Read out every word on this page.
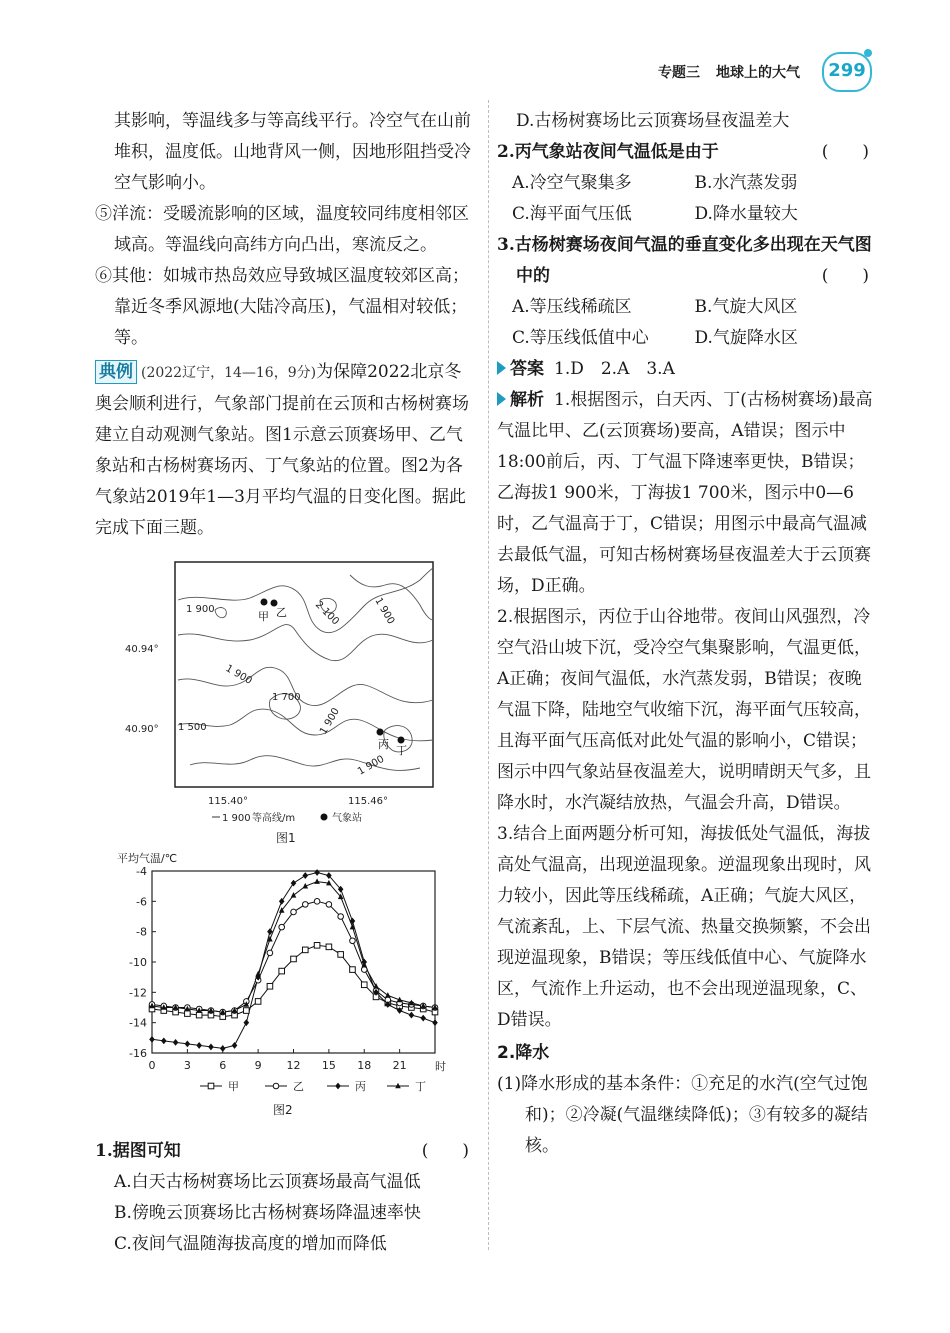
专题三 地球上的大气	299

其影响，等温线多与等高线平行。冷空气在山前堆积，温度低。山地背风一侧，因地形阻挡受冷空气影响小。

⑤洋流：受暖流影响的区域，温度较同纬度相邻区域高。等温线向高纬方向凸出，寒流反之。

⑥其他：如城市热岛效应导致城区温度较郊区高；靠近冬季风源地(大陆冷高压)，气温相对较低；等。

典例 (2022辽宁，14—16，9分)为保障2022北京冬奥会顺利进行，气象部门提前在云顶和古杨树赛场建立自动观测气象站。图1示意云顶赛场甲、乙气象站和古杨树赛场丙、丁气象站的位置。图2为各气象站2019年1—3月平均气温的日变化图。据此完成下面三题。

1 900	2 100	1 900
1 900
1 700
1 500	1 900
1 900
40.94°
40.90°
115.40°	115.46°
甲 乙
丙 丁
1 900 等高线/m	气象站
图1
平均气温/℃
-4
-6
-8
-10
-12
-14
-16
0	3	6	9 12 15 18 21	时
甲	乙	丙	丁
图2

1.据图可知	(　　)

A.白天古杨树赛场比云顶赛场最高气温低

B.傍晚云顶赛场比古杨树赛场降温速率快

C.夜间气温随海拔高度的增加而降低

D.古杨树赛场比云顶赛场昼夜温差大

2.丙气象站夜间气温低是由于	(　　)

A.冷空气聚集多	B.水汽蒸发弱

C.海平面气压低	D.降水量较大

3.古杨树赛场夜间气温的垂直变化多出现在天气图中的	(　　)

A.等压线稀疏区	B.气旋大风区

C.等压线低值中心	D.气旋降水区

答案 1.D　2.A　3.A

解析 1.根据图示，白天丙、丁(古杨树赛场)最高气温比甲、乙(云顶赛场)要高，A错误；图示中18:00前后，丙、丁气温下降速率更快，B错误；乙海拔1 900米，丁海拔1 700米，图示中0—6时，乙气温高于丁，C错误；用图示中最高气温减去最低气温，可知古杨树赛场昼夜温差大于云顶赛场，D正确。

2.根据图示，丙位于山谷地带。夜间山风强烈，冷空气沿山坡下沉，受冷空气集聚影响，气温更低，A正确；夜间气温低，水汽蒸发弱，B错误；夜晚气温下降，陆地空气收缩下沉，海平面气压较高，且海平面气压高低对此处气温的影响小，C错误；图示中四气象站昼夜温差大，说明晴朗天气多，且降水时，水汽凝结放热，气温会升高，D错误。

3.结合上面两题分析可知，海拔低处气温低，海拔高处气温高，出现逆温现象。逆温现象出现时，风力较小，因此等压线稀疏，A正确；气旋大风区，气流紊乱，上、下层气流、热量交换频繁，不会出现逆温现象，B错误；等压线低值中心、气旋降水区，气流作上升运动，也不会出现逆温现象，C、D错误。

2.降水

(1)降水形成的基本条件：①充足的水汽(空气过饱和)；②冷凝(气温继续降低)；③有较多的凝结核。
